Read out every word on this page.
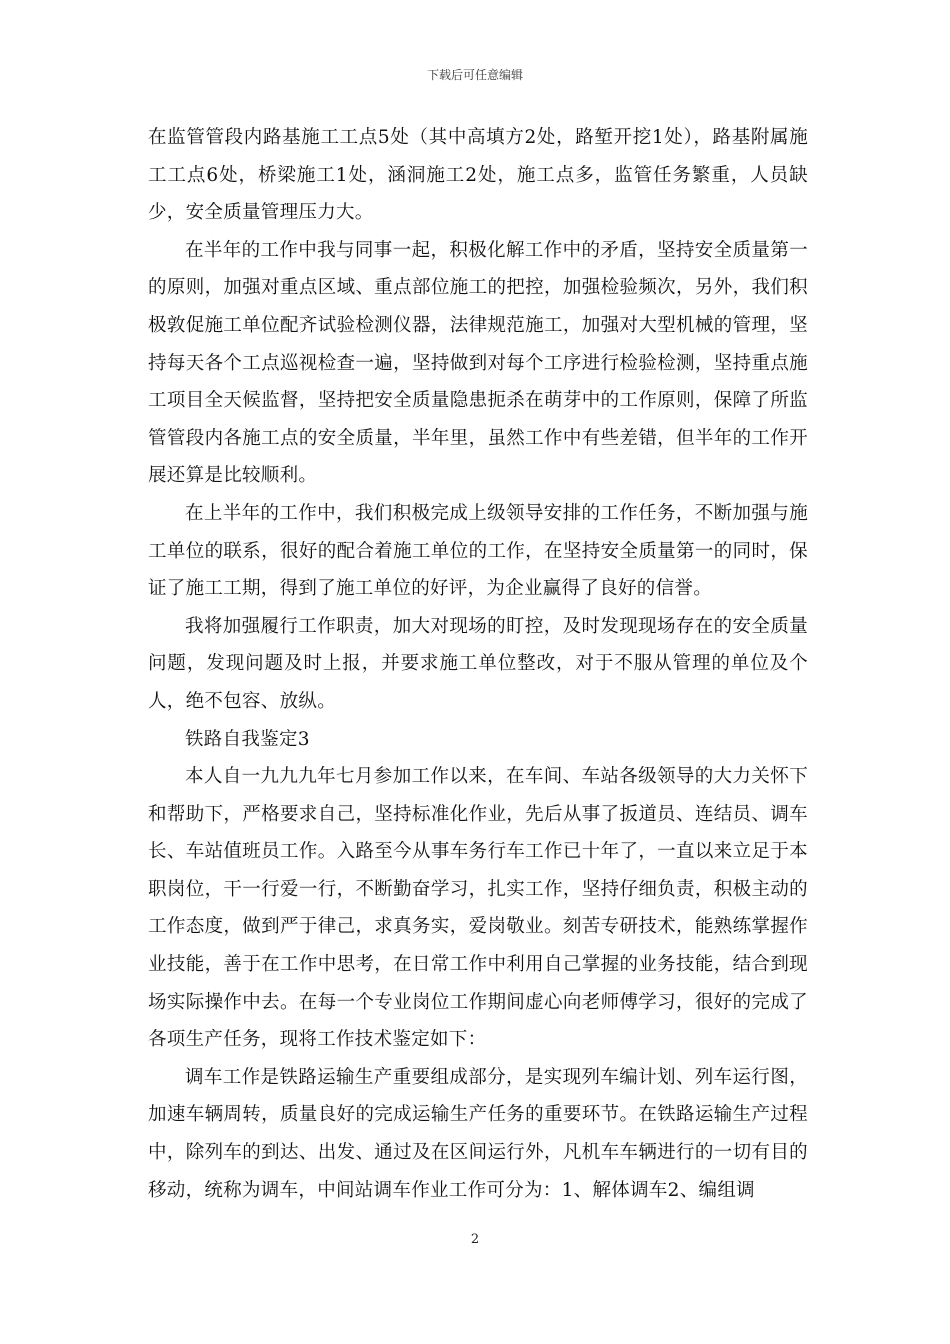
下载后可任意编辑

在监管管段内路基施工工点5处（其中高填方2处，路堑开挖1处），路基附属施工工点6处，桥梁施工1处，涵洞施工2处，施工点多，监管任务繁重，人员缺少，安全质量管理压力大。

在半年的工作中我与同事一起，积极化解工作中的矛盾，坚持安全质量第一的原则，加强对重点区域、重点部位施工的把控，加强检验频次，另外，我们积极敦促施工单位配齐试验检测仪器，法律规范施工，加强对大型机械的管理，坚持每天各个工点巡视检查一遍，坚持做到对每个工序进行检验检测，坚持重点施工项目全天候监督，坚持把安全质量隐患扼杀在萌芽中的工作原则，保障了所监管管段内各施工点的安全质量，半年里，虽然工作中有些差错，但半年的工作开展还算是比较顺利。

在上半年的工作中，我们积极完成上级领导安排的工作任务，不断加强与施工单位的联系，很好的配合着施工单位的工作，在坚持安全质量第一的同时，保证了施工工期，得到了施工单位的好评，为企业赢得了良好的信誉。

我将加强履行工作职责，加大对现场的盯控，及时发现现场存在的安全质量问题，发现问题及时上报，并要求施工单位整改，对于不服从管理的单位及个人，绝不包容、放纵。

铁路自我鉴定3

本人自一九九九年七月参加工作以来，在车间、车站各级领导的大力关怀下和帮助下，严格要求自己，坚持标准化作业，先后从事了扳道员、连结员、调车长、车站值班员工作。入路至今从事车务行车工作已十年了，一直以来立足于本职岗位，干一行爱一行，不断勤奋学习，扎实工作，坚持仔细负责，积极主动的工作态度，做到严于律己，求真务实，爱岗敬业。刻苦专研技术，能熟练掌握作业技能，善于在工作中思考，在日常工作中利用自己掌握的业务技能，结合到现场实际操作中去。在每一个专业岗位工作期间虚心向老师傅学习，很好的完成了各项生产任务，现将工作技术鉴定如下：

调车工作是铁路运输生产重要组成部分，是实现列车编计划、列车运行图，加速车辆周转，质量良好的完成运输生产任务的重要环节。在铁路运输生产过程中，除列车的到达、出发、通过及在区间运行外，凡机车车辆进行的一切有目的移动，统称为调车，中间站调车作业工作可分为：1、解体调车2、编组调

2
